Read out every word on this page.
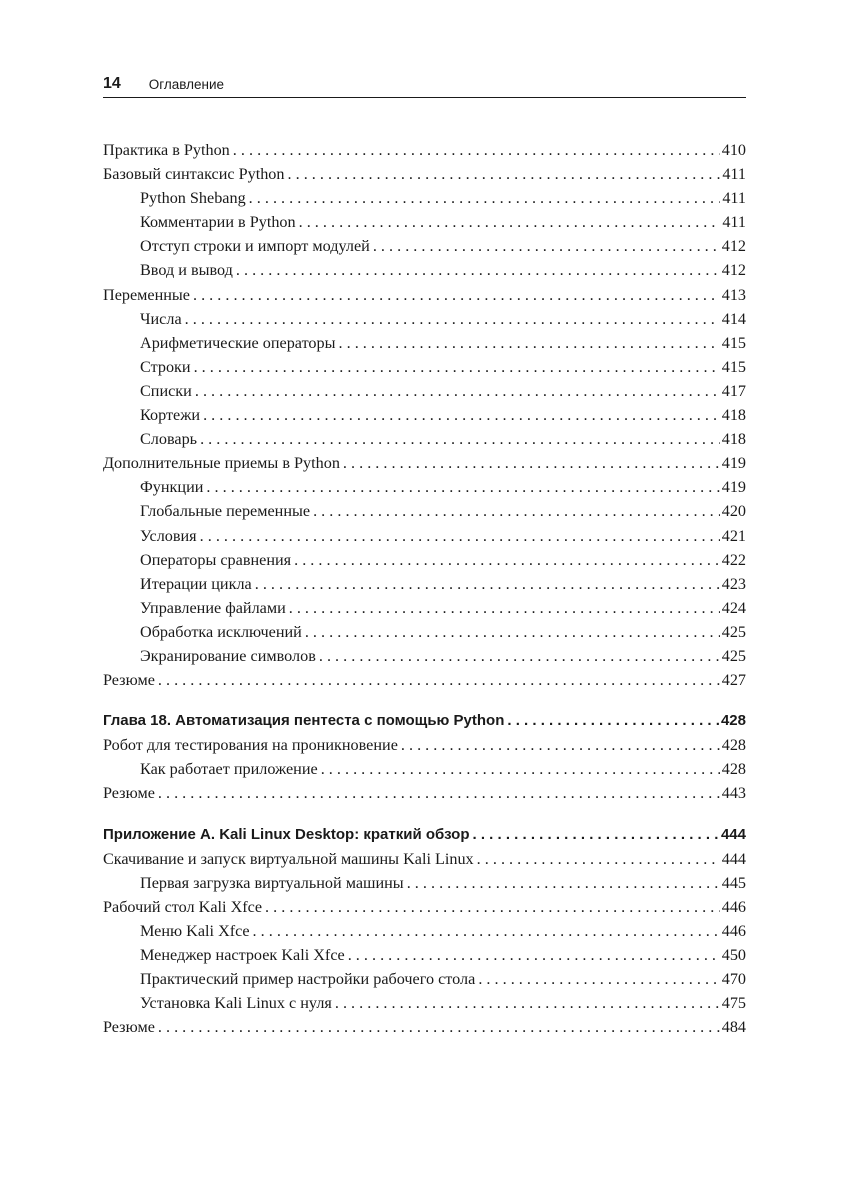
14 Оглавление
Практика в Python . . .	410
Базовый синтаксис Python . . .	411
Python Shebang . . .	411
Комментарии в Python . . .	411
Отступ строки и импорт модулей . . .	412
Ввод и вывод . . .	412
Переменные . . .	413
Числа . . .	414
Арифметические операторы . . .	415
Строки . . .	415
Списки . . .	417
Кортежи . . .	418
Словарь . . .	418
Дополнительные приемы в Python . . .	419
Функции . . .	419
Глобальные переменные . . .	420
Условия . . .	421
Операторы сравнения . . .	422
Итерации цикла . . .	423
Управление файлами . . .	424
Обработка исключений . . .	425
Экранирование символов . . .	425
Резюме . . .	427
Глава 18. Автоматизация пентеста с помощью Python . . .	428
Робот для тестирования на проникновение . . .	428
Как работает приложение . . .	428
Резюме . . .	443
Приложение А. Kali Linux Desktop: краткий обзор . . .	444
Скачивание и запуск виртуальной машины Kali Linux . . .	444
Первая загрузка виртуальной машины . . .	445
Рабочий стол Kali Xfce . . .	446
Меню Kali Xfce . . .	446
Менеджер настроек Kali Xfce . . .	450
Практический пример настройки рабочего стола . . .	470
Установка Kali Linux с нуля . . .	475
Резюме . . .	484
